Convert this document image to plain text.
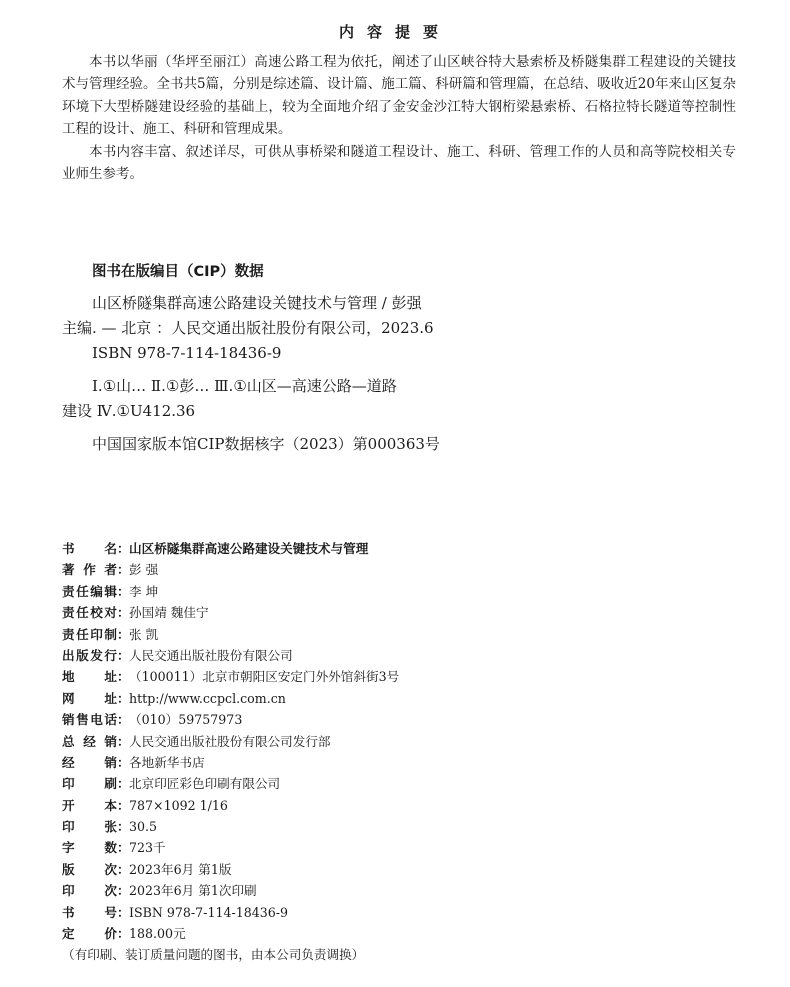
内容提要

本书以华丽（华坪至丽江）高速公路工程为依托，阐述了山区峡谷特大悬索桥及桥隧集群工程建设的关键技术与管理经验。全书共5篇，分别是综述篇、设计篇、施工篇、科研篇和管理篇，在总结、吸收近20年来山区复杂环境下大型桥隧建设经验的基础上，较为全面地介绍了金安金沙江特大钢桁梁悬索桥、石格拉特长隧道等控制性工程的设计、施工、科研和管理成果。

本书内容丰富、叙述详尽，可供从事桥梁和隧道工程设计、施工、科研、管理工作的人员和高等院校相关专业师生参考。

图书在版编目（CIP）数据
山区桥隧集群高速公路建设关键技术与管理 / 彭强
主编. — 北京 ：人民交通出版社股份有限公司，2023.6
ISBN 978-7-114-18436-9
Ⅰ.①山… Ⅱ.①彭… Ⅲ.①山区—高速公路—道路
建设 Ⅳ.①U412.36
中国国家版本馆CIP数据核字（2023）第000363号
书 名 ： 山区桥隧集群高速公路建设关键技术与管理
著 作 者 ： 彭 强
责 任 编 辑 ： 李 坤
责 任 校 对 ： 孙国靖 魏佳宁
责 任 印 制 ： 张 凯
出 版 发 行 ： 人民交通出版社股份有限公司
地 址 ： （100011）北京市朝阳区安定门外外馆斜街3号
网 址 ： http://www.ccpcl.com.cn
销 售 电 话 ： （010）59757973
总 经 销 ： 人民交通出版社股份有限公司发行部
经 销 ： 各地新华书店
印 刷 ： 北京印匠彩色印刷有限公司
开 本 ： 787×1092 1/16
印 张 ： 30.5
字 数 ： 723千
版 次 ： 2023年6月 第1版
印 次 ： 2023年6月 第1次印刷
书 号 ： ISBN 978-7-114-18436-9
定 价 ： 188.00元
（有印刷、装订质量问题的图书，由本公司负责调换）
